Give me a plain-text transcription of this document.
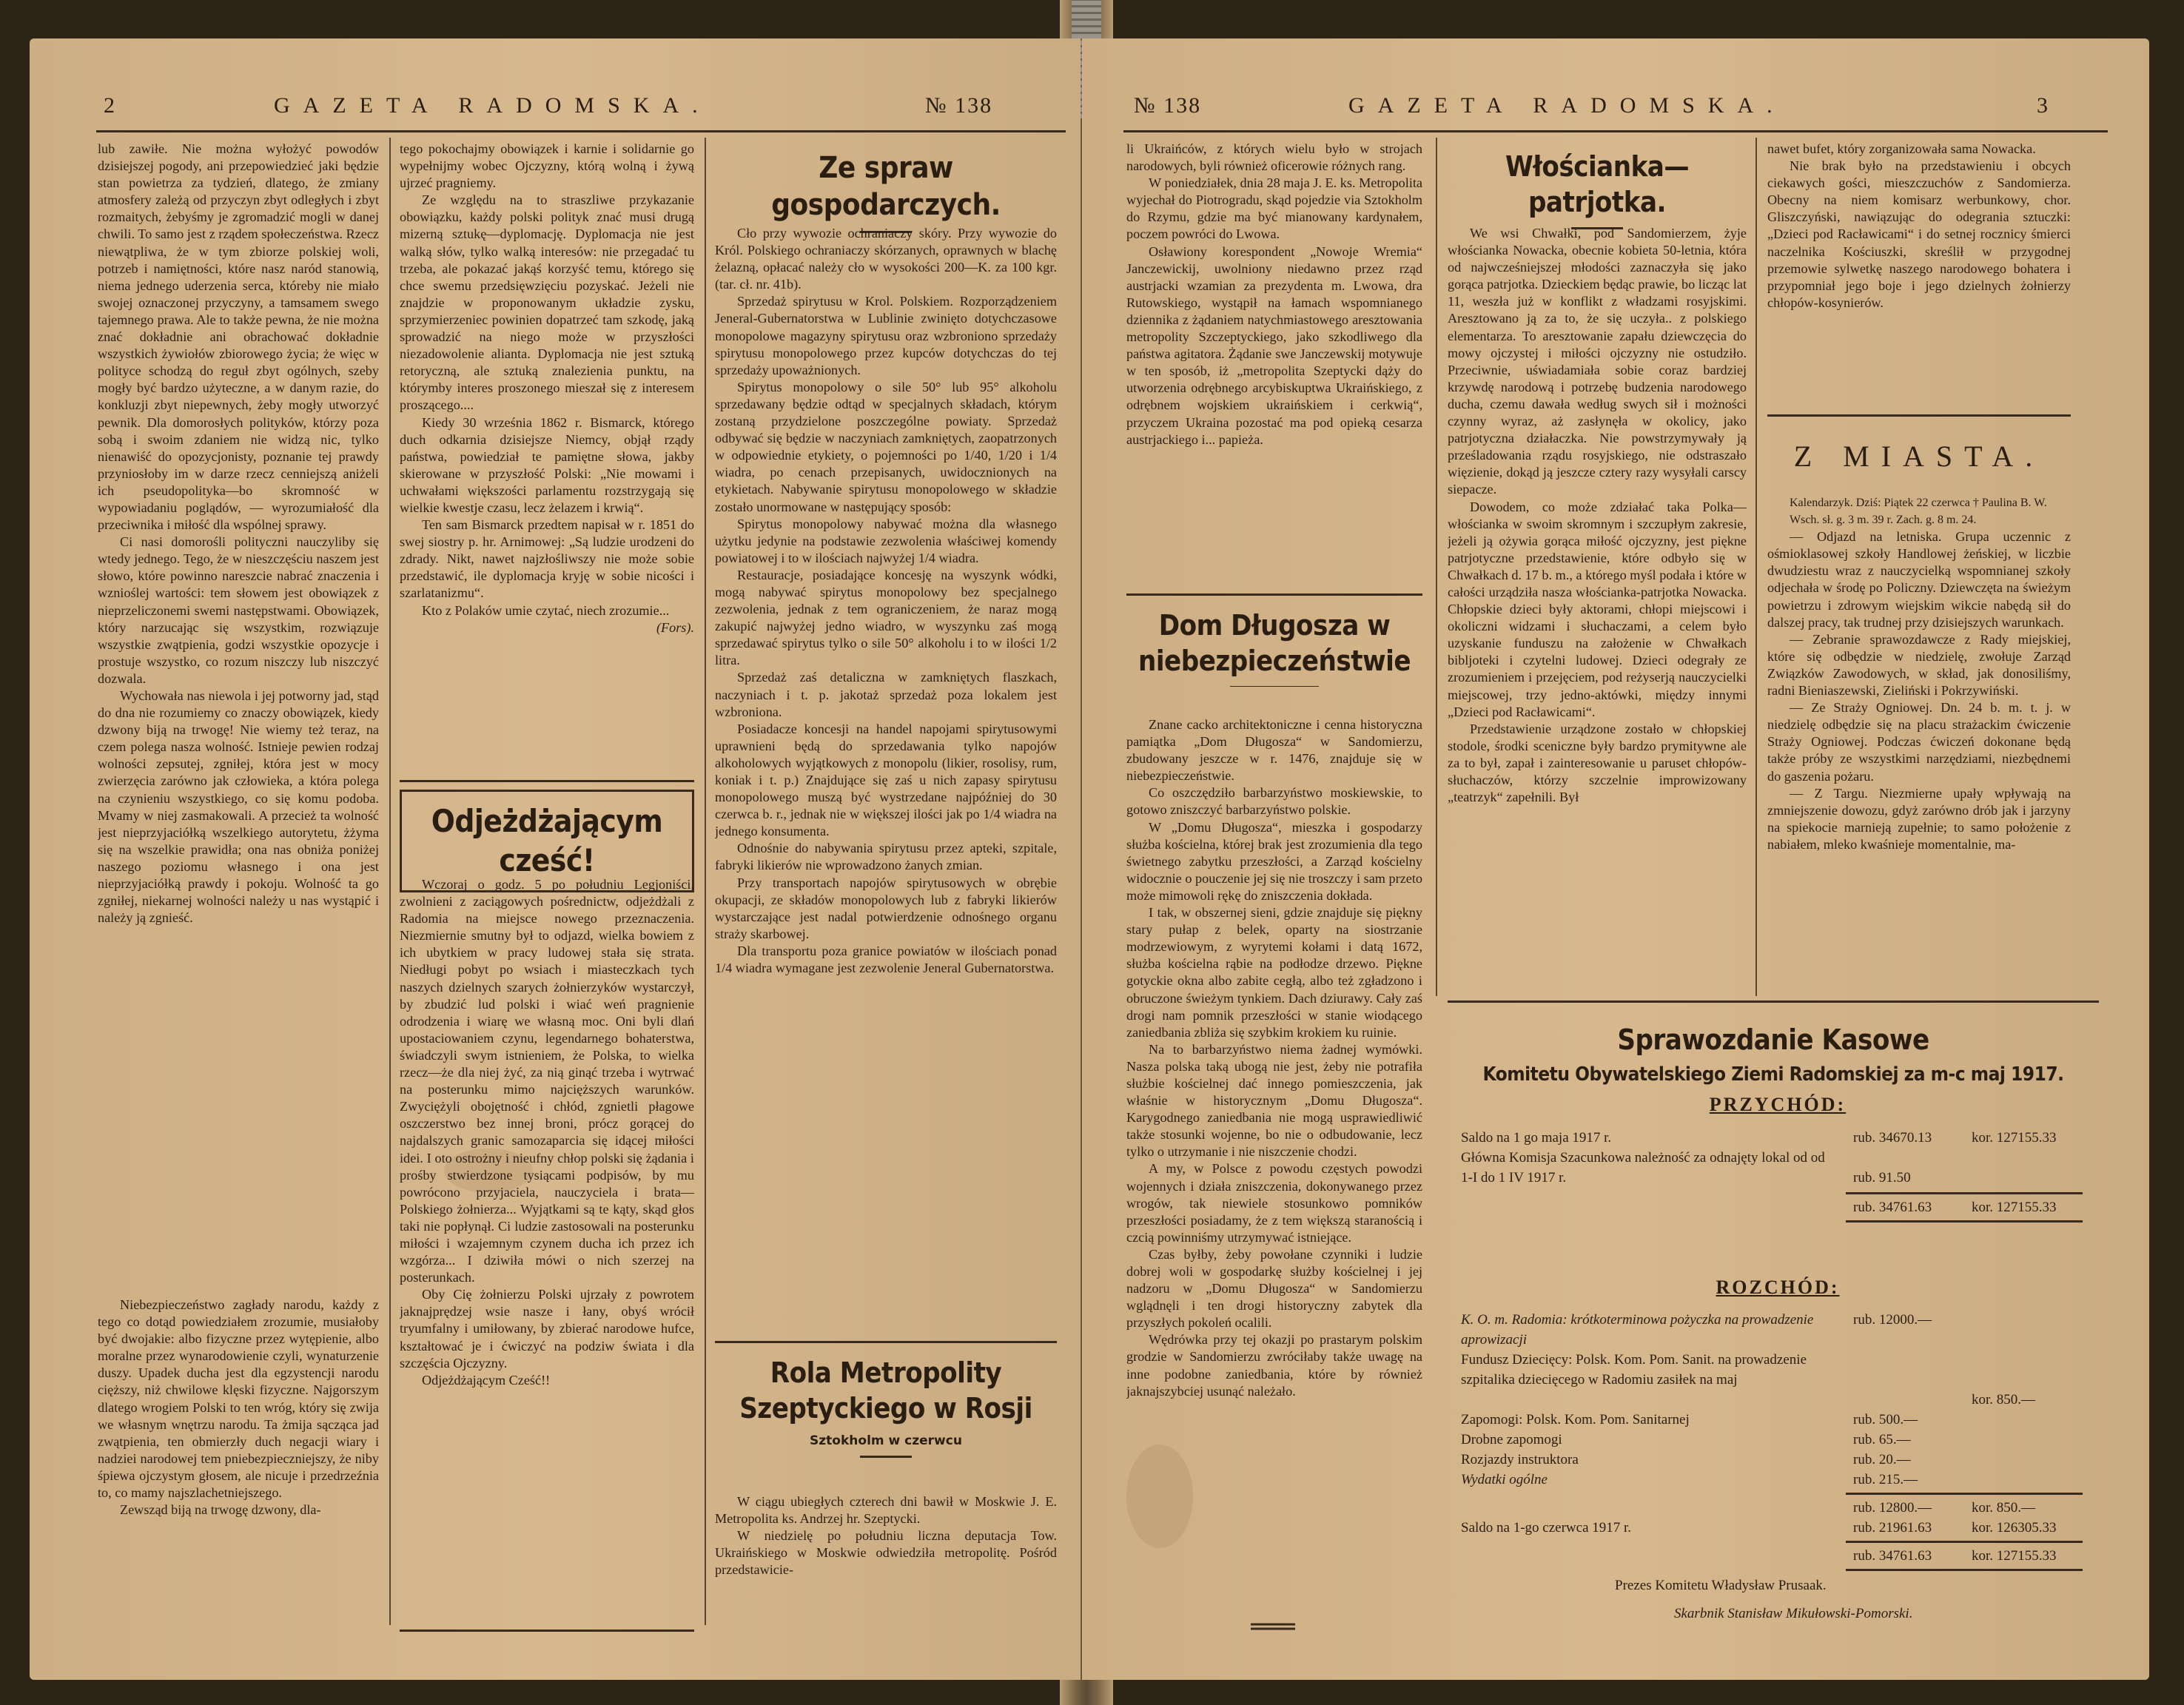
2	GAZETA RADOMSKA.	№ 138

lub zawiłe. Nie można wyłożyć powodów dzisiejszej pogody, ani przepowiedzieć jaki będzie stan powietrza za tydzień, dlatego, że zmiany atmosfery zależą od przyczyn zbyt odległych i zbyt rozmaitych, żebyśmy je zgromadzić mogli w danej chwili. To samo jest z rządem społeczeństwa. Rzecz niewątpliwa, że w tym zbiorze polskiej woli, potrzeb i namiętności, które nasz naród stanowią, niema jednego uderzenia serca, któreby nie miało swojej oznaczonej przyczyny, a tamsamem swego tajemnego prawa. Ale to także pewna, że nie można znać dokładnie ani obrachować dokładnie wszystkich żywiołów zbiorowego życia; że więc w polityce schodzą do reguł zbyt ogólnych, szeby mogły być bardzo użyteczne, a w danym razie, do konkluzji zbyt niepewnych, żeby mogły utworzyć pewnik. Dla domorosłych polityków, którzy poza sobą i swoim zdaniem nie widzą nic, tylko nienawiść do opozycjonisty, poznanie tej prawdy przyniosłoby im w darze rzecz cenniejszą aniżeli ich pseudopolityka—bo skromność w wypowiadaniu poglądów, — wyrozumiałość dla przeciwnika i miłość dla wspólnej sprawy.

Ci nasi domorośli polityczni nauczyliby się wtedy jednego. Tego, że w nieszczęściu naszem jest słowo, które powinno nareszcie nabrać znaczenia i wznioślej wartości: tem słowem jest obowiązek z nieprzeliczonemi swemi następstwami. Obowiązek, który narzucając się wszystkim, rozwiązuje wszystkie zwątpienia, godzi wszystkie opozycje i prostuje wszystko, co rozum niszczy lub niszczyć dozwala.

Wychowała nas niewola i jej potworny jad, stąd do dna nie rozumiemy co znaczy obowiązek, kiedy dzwony biją na trwogę! Nie wiemy też teraz, na czem polega nasza wolność. Istnieje pewien rodzaj wolności zepsutej, zgniłej, która jest w mocy zwierzęcia zarówno jak człowieka, a która polega na czynieniu wszystkiego, co się komu podoba. Mvamy w niej zasmakowali. A przecież ta wolność jest nieprzyjaciółką wszelkiego autorytetu, żżyma się na wszelkie prawidła; ona nas obniża poniżej naszego poziomu własnego i ona jest nieprzyjaciółką prawdy i pokoju. Wolność ta go zgniłej, niekarnej wolności należy u nas wystąpić i należy ją zgnieść.

Niebezpieczeństwo zagłady narodu, każdy z tego co dotąd powiedziałem zrozumie, musiałoby być dwojakie: albo fizyczne przez wytępienie, albo moralne przez wynarodowienie czyli, wynaturzenie duszy. Upadek ducha jest dla egzystencji narodu cięższy, niż chwilowe klęski fizyczne. Najgorszym dlatego wrogiem Polski to ten wróg, który się zwija we własnym wnętrzu narodu. Ta żmija sącząca jad zwątpienia, ten obmierzły duch negacji wiary i nadziei narodowej tem pniebezpieczniejszy, że niby śpiewa ojczystym głosem, ale nicuje i przedrzeźnia to, co mamy najszlachetniejszego.

Zewsząd biją na trwogę dzwony, dla-

tego pokochajmy obowiązek i karnie i solidarnie go wypełnijmy wobec Ojczyzny, którą wolną i żywą ujrzeć pragniemy.

Ze względu na to straszliwe przykazanie obowiązku, każdy polski polityk znać musi drugą mizerną sztukę—dyplomację. Dyplomacja nie jest walką słów, tylko walką interesów: nie przegadać tu trzeba, ale pokazać jakąś korzyść temu, którego się chce swemu przedsięwzięciu pozyskać. Jeżeli nie znajdzie w proponowanym układzie zysku, sprzymierzeniec powinien dopatrzeć tam szkodę, jaką sprowadzić na niego może w przyszłości niezadowolenie alianta. Dyplomacja nie jest sztuką retoryczną, ale sztuką znalezienia punktu, na którymby interes proszonego mieszał się z interesem proszącego....

Kiedy 30 września 1862 r. Bismarck, którego duch odkarnia dzisiejsze Niemcy, objął rządy państwa, powiedział te pamiętne słowa, jakby skierowane w przyszłość Polski: „Nie mowami i uchwałami większości parlamentu rozstrzygają się wielkie kwestje czasu, lecz żelazem i krwią“.

Ten sam Bismarck przedtem napisał w r. 1851 do swej siostry p. hr. Arnimowej: „Są ludzie urodzeni do zdrady. Nikt, nawet najzłośliwszy nie może sobie przedstawić, ile dyplomacja kryję w sobie nicości i szarlatanizmu“.

Kto z Polaków umie czytać, niech zrozumie...

(Fors).

Odjeżdżającym cześć!

Wczoraj o godz. 5 po południu Legjoniści, zwolnieni z zaciągowych pośrednictw, odjeżdżali z Radomia na miejsce nowego przeznaczenia. Niezmiernie smutny był to odjazd, wielka bowiem z ich ubytkiem w pracy ludowej stała się strata. Niedługi pobyt po wsiach i miasteczkach tych naszych dzielnych szarych żołnierzyków wystarczył, by zbudzić lud polski i wiać weń pragnienie odrodzenia i wiarę we własną moc. Oni byli dlań upostaciowaniem czynu, legendarnego bohaterstwa, świadczyli swym istnieniem, że Polska, to wielka rzecz—że dla niej żyć, za nią ginąć trzeba i wytrwać na posterunku mimo najcięższych warunków. Zwyciężyli obojętność i chłód, zgnietli płagowe oszczerstwo bez innej broni, prócz gorącej do najdalszych granic samozaparcia się idącej miłości idei. I oto ostrożny i nieufny chłop polski się żądania i prośby stwierdzone tysiącami podpisów, by mu powrócono przyjaciela, nauczyciela i brata—Polskiego żołnierza... Wyjątkami są te kąty, skąd głos taki nie popłynął. Ci ludzie zastosowali na posterunku miłości i wzajemnym czynem ducha ich przez ich wzgórza... I dziwiła mówi o nich szerzej na posterunkach.

Oby Cię żołnierzu Polski ujrzały z powrotem jaknajprędzej wsie nasze i łany, obyś wrócił tryumfalny i umiłowany, by zbierać narodowe hufce, kształtować je i ćwiczyć na podziw świata i dla szczęścia Ojczyzny.

Odjeżdżającym Cześć!!

Ze spraw gospodarczych.

Cło przy wywozie ochraniaczy skóry. Przy wywozie do Król. Polskiego ochraniaczy skórzanych, oprawnych w blachę żelazną, opłacać należy cło w wysokości 200—K. za 100 kgr. (tar. cł. nr. 41b).

Sprzedaż spirytusu w Krol. Polskiem. Rozporządzeniem Jeneral-Gubernatorstwa w Lublinie zwinięto dotychczasowe monopolowe magazyny spirytusu oraz wzbroniono sprzedaży spirytusu monopolowego przez kupców dotychczas do tej sprzedaży upoważnionych.

Spirytus monopolowy o sile 50° lub 95° alkoholu sprzedawany będzie odtąd w specjalnych składach, którym zostaną przydzielone poszczególne powiaty. Sprzedaż odbywać się będzie w naczyniach zamkniętych, zaopatrzonych w odpowiednie etykiety, o pojemności po 1/40, 1/20 i 1/4 wiadra, po cenach przepisanych, uwidocznionych na etykietach. Nabywanie spirytusu monopolowego w składzie zostało unormowane w następujący sposób:

Spirytus monopolowy nabywać można dla własnego użytku jedynie na podstawie zezwolenia właściwej komendy powiatowej i to w ilościach najwyżej 1/4 wiadra.

Restauracje, posiadające koncesję na wyszynk wódki, mogą nabywać spirytus monopolowy bez specjalnego zezwolenia, jednak z tem ograniczeniem, że naraz mogą zakupić najwyżej jedno wiadro, w wyszynku zaś mogą sprzedawać spirytus tylko o sile 50° alkoholu i to w ilości 1/2 litra.

Sprzedaż zaś detaliczna w zamkniętych flaszkach, naczyniach i t. p. jakotaż sprzedaż poza lokalem jest wzbroniona.

Posiadacze koncesji na handel napojami spirytusowymi uprawnieni będą do sprzedawania tylko napojów alkoholowych wyjątkowych z monopolu (likier, rosolisy, rum, koniak i t. p.) Znajdujące się zaś u nich zapasy spirytusu monopolowego muszą być wystrzedane najpóźniej do 30 czerwca b. r., jednak nie w większej ilości jak po 1/4 wiadra na jednego konsumenta.

Odnośnie do nabywania spirytusu przez apteki, szpitale, fabryki likierów nie wprowadzono żanych zmian.

Przy transportach napojów spirytusowych w obrębie okupacji, ze składów monopolowych lub z fabryki likierów wystarczające jest nadal potwierdzenie odnośnego organu straży skarbowej.

Dla transportu poza granice powiatów w ilościach ponad 1/4 wiadra wymagane jest zezwolenie Jeneral Gubernatorstwa.

Rola Metropolity Szeptyckiego w Rosji
Sztokholm w czerwcu

W ciągu ubiegłych czterech dni bawił w Moskwie J. E. Metropolita ks. Andrzej hr. Szeptycki.

W niedzielę po południu liczna deputacja Tow. Ukraińskiego w Moskwie odwiedziła metropolitę. Pośród przedstawicie-

№ 138	GAZETA RADOMSKA.	3

li Ukraińców, z których wielu było w strojach narodowych, byli również oficerowie różnych rang.

W poniedziałek, dnia 28 maja J. E. ks. Metropolita wyjechał do Piotrogradu, skąd pojedzie via Sztokholm do Rzymu, gdzie ma być mianowany kardynałem, poczem powróci do Lwowa.

Osławiony korespondent „Nowoje Wremia“ Janczewickij, uwolniony niedawno przez rząd austrjacki wzamian za prezydenta m. Lwowa, dra Rutowskiego, wystąpił na łamach wspomnianego dziennika z żądaniem natychmiastowego aresztowania metropolity Szczeptyckiego, jako szkodliwego dla państwa agitatora. Żądanie swe Janczewskij motywuje w ten sposób, iż „metropolita Szeptycki dąży do utworzenia odrębnego arcybiskuptwa Ukraińskiego, z odrębnem wojskiem ukraińskiem i cerkwią“, przyczem Ukraina pozostać ma pod opieką cesarza austrjackiego i... papieża.

Dom Długosza w niebezpieczeństwie

Znane cacko architektoniczne i cenna historyczna pamiątka „Dom Długosza“ w Sandomierzu, zbudowany jeszcze w r. 1476, znajduje się w niebezpieczeństwie.

Co oszczędziło barbarzyństwo moskiewskie, to gotowo zniszczyć barbarzyństwo polskie.

W „Domu Długosza“, mieszka i gospodarzy służba kościelna, której brak jest zrozumienia dla tego świetnego zabytku przeszłości, a Zarząd kościelny widocznie o pouczenie jej się nie troszczy i sam przeto może mimowoli rękę do zniszczenia dokłada.

I tak, w obszernej sieni, gdzie znajduje się piękny stary pułap z belek, oparty na siostrzanie modrzewiowym, z wyrytemi kołami i datą 1672, służba kościelna rąbie na podłodze drzewo. Piękne gotyckie okna albo zabite cegłą, albo też zgładzono i obruczone świeżym tynkiem. Dach dziurawy. Cały zaś drogi nam pomnik przeszłości w stanie wiodącego zaniedbania zbliża się szybkim krokiem ku ruinie.

Na to barbarzyństwo niema żadnej wymówki. Nasza polska taką ubogą nie jest, żeby nie potrafiła służbie kościelnej dać innego pomieszczenia, jak właśnie w historycznym „Domu Długosza“. Karygodnego zaniedbania nie mogą usprawiedliwić także stosunki wojenne, bo nie o odbudowanie, lecz tylko o utrzymanie i nie niszczenie chodzi.

A my, w Polsce z powodu częstych powodzi wojennych i działa zniszczenia, dokonywanego przez wrogów, tak niewiele stosunkowo pomników przeszłości posiadamy, że z tem większą staranością i czcią powinniśmy utrzymywać istniejące.

Czas byłby, żeby powołane czynniki i ludzie dobrej woli w gospodarkę służby kościelnej i jej nadzoru w „Domu Długosza“ w Sandomierzu wglądnęli i ten drogi historyczny zabytek dla przyszłych pokoleń ocalili.

Wędrówka przy tej okazji po prastarym polskim grodzie w Sandomierzu zwróciłaby także uwagę na inne podobne zaniedbania, które by również jaknajszybciej usunąć należało.

Włościanka—patrjotka.

We wsi Chwałki, pod Sandomierzem, żyje włościanka Nowacka, obecnie kobieta 50-letnia, która od najwcześniejszej młodości zaznaczyła się jako gorąca patrjotka. Dzieckiem będąc prawie, bo licząc lat 11, weszła już w konflikt z władzami rosyjskimi. Aresztowano ją za to, że się uczyła.. z polskiego elementarza. To aresztowanie zapału dziewczęcia do mowy ojczystej i miłości ojczyzny nie ostudziło. Przeciwnie, uświadamiała sobie coraz bardziej krzywdę narodową i potrzebę budzenia narodowego ducha, czemu dawała według swych sił i możności czynny wyraz, aż zasłynęła w okolicy, jako patrjotyczna działaczka. Nie powstrzymywały ją prześladowania rządu rosyjskiego, nie odstraszało więzienie, dokąd ją jeszcze cztery razy wysyłali carscy siepacze.

Dowodem, co może zdziałać taka Polka—włościanka w swoim skromnym i szczupłym zakresie, jeżeli ją ożywia gorąca miłość ojczyzny, jest piękne patrjotyczne przedstawienie, które odbyło się w Chwałkach d. 17 b. m., a którego myśl podała i które w całości urządziła nasza włościanka-patrjotka Nowacka. Chłopskie dzieci były aktorami, chłopi miejscowi i okoliczni widzami i słuchaczami, a celem było uzyskanie funduszu na założenie w Chwałkach bibljoteki i czytelni ludowej. Dzieci odegrały ze zrozumieniem i przejęciem, pod reżyserją nauczycielki miejscowej, trzy jedno-aktówki, między innymi „Dzieci pod Racławicami“.

Przedstawienie urządzone zostało w chłopskiej stodole, środki sceniczne były bardzo prymitywne ale za to był, zapał i zainteresowanie u paruset chłopów-słuchaczów, którzy szczelnie improwizowany „teatrzyk“ zapełnili. Był

nawet bufet, który zorganizowała sama Nowacka.

Nie brak było na przedstawieniu i obcych ciekawych gości, mieszczuchów z Sandomierza. Obecny na niem komisarz werbunkowy, chor. Gliszczyński, nawiązując do odegrania sztuczki: „Dzieci pod Racławicami“ i do setnej rocznicy śmierci naczelnika Kościuszki, skreślił w przygodnej przemowie sylwetkę naszego narodowego bohatera i przypomniał jego boje i jego dzielnych żołnierzy chłopów-kosynierów.

Z MIASTA.

Kalendarzyk. Dziś: Piątek 22 czerwca † Paulina B. W.

Wsch. sł. g. 3 m. 39 r. Zach. g. 8 m. 24.

— Odjazd na letniska. Grupa uczennic z ośmioklasowej szkoły Handlowej żeńskiej, w liczbie dwudziestu wraz z nauczycielką wspomnianej szkoły odjechała w środę po Policzny. Dziewczęta na świeżym powietrzu i zdrowym wiejskim wikcie nabędą sił do dalszej pracy, tak trudnej przy dzisiejszych warunkach.

— Zebranie sprawozdawcze z Rady miejskiej, które się odbędzie w niedzielę, zwołuje Zarząd Związków Zawodowych, w skład, jak donosiliśmy, radni Bieniaszewski, Zieliński i Pokrzywiński.

— Ze Straży Ogniowej. Dn. 24 b. m. t. j. w niedzielę odbędzie się na placu strażackim ćwiczenie Straży Ogniowej. Podczas ćwiczeń dokonane będą także próby ze wszystkimi narzędziami, niezbędnemi do gaszenia pożaru.

— Z Targu. Niezmierne upały wpływają na zmniejszenie dowozu, gdyż zarówno drób jak i jarzyny na spiekocie marnieją zupełnie; to samo położenie z nabiałem, mleko kwaśnieje momentalnie, ma-

Sprawozdanie Kasowe
Komitetu Obywatelskiego Ziemi Radomskiej za m-c maj 1917.
PRZYCHÓD:
Saldo na 1 go maja 1917 r.	rub. 34670.13	kor. 127155.33
Główna Komisja Szacunkowa należność za odnajęty lokal od od 1-I do 1 IV 1917 r.	rub. 91.50
rub. 34761.63	kor. 127155.33
ROZCHÓD:
K. O. m. Radomia: krótkoterminowa pożyczka na prowadzenie aprowizacji
rub. 12000.—
Fundusz Dziecięcy: Polsk. Kom. Pom. Sanit. na prowadzenie szpitalika dziecięcego w Radomiu zasiłek na maj
kor. 850.—
Zapomogi: Polsk. Kom. Pom. Sanitarnej	rub. 500.—
Drobne zapomogi	rub. 65.—
Rozjazdy instruktora	rub. 20.—
Wydatki ogólne	rub. 215.—
rub. 12800.—	kor. 850.—
Saldo na 1-go czerwca 1917 r.	rub. 21961.63	kor. 126305.33
rub. 34761.63	kor. 127155.33
Prezes Komitetu Władysław Prusaak.
Skarbnik Stanisław Mikułowski-Pomorski.
